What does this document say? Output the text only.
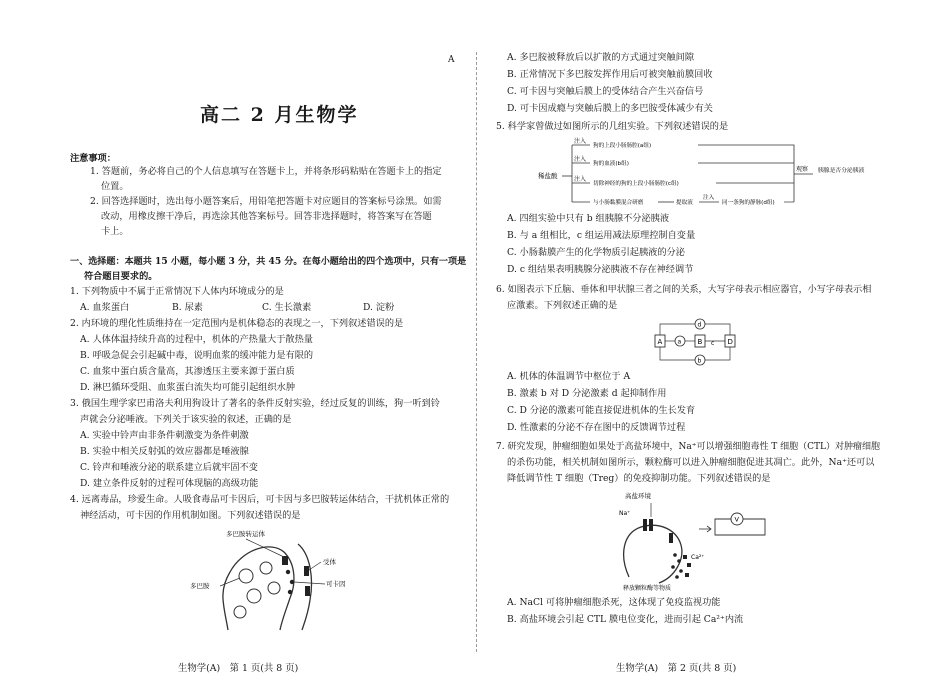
A
高二 2 月生物学
注意事项：
1. 答题前，务必将自己的个人信息填写在答题卡上，并将条形码粘贴在答题卡上的指定
位置。
2. 回答选择题时，选出每小题答案后，用铅笔把答题卡对应题目的答案标号涂黑。如需
改动，用橡皮擦干净后，再选涂其他答案标号。回答非选择题时，将答案写在答题
卡上。
一、选择题：本题共 15 小题，每小题 3 分，共 45 分。在每小题给出的四个选项中，只有一项是
符合题目要求的。
1. 下列物质中不属于正常情况下人体内环境成分的是
A. 血浆蛋白	B. 尿素	C. 生长激素	D. 淀粉
2. 内环境的理化性质维持在一定范围内是机体稳态的表现之一，下列叙述错误的是
A. 人体体温持续升高的过程中，机体的产热量大于散热量
B. 呼吸急促会引起碱中毒，说明血浆的缓冲能力是有限的
C. 血浆中蛋白质含量高，其渗透压主要来源于蛋白质
D. 淋巴循环受阻、血浆蛋白流失均可能引起组织水肿
3. 俄国生理学家巴甫洛夫利用狗设计了著名的条件反射实验，经过反复的训练，狗一听到铃
声就会分泌唾液。下列关于该实验的叙述，正确的是
A. 实验中铃声由非条件刺激变为条件刺激
B. 实验中相关反射弧的效应器都是唾液腺
C. 铃声和唾液分泌的联系建立后就牢固不变
D. 建立条件反射的过程可体现脑的高级功能
4. 远离毒品，珍爱生命。人吸食毒品可卡因后，可卡因与多巴胺转运体结合，干扰机体正常的
神经活动，可卡因的作用机制如图。下列叙述错误的是
多巴胺转运体
受体
多巴胺	可卡因
生物学(A)　第 1 页(共 8 页)
A. 多巴胺被释放后以扩散的方式通过突触间隙
B. 正常情况下多巴胺发挥作用后可被突触前膜回收
C. 可卡因与突触后膜上的受体结合产生兴奋信号
D. 可卡因成瘾与突触后膜上的多巴胺受体减少有关
5. 科学家曾做过如图所示的几组实验。下列叙述错误的是
稀盐酸
注入
注入
注入
狗的上段小肠肠腔(a组)
狗的血液(b组)
切除神经的狗的上段小肠肠腔(c组)
与小肠黏膜混合研磨	提取液
注入
同一条狗的静脉(d组)
观察 胰腺是否分泌胰液
A. 四组实验中只有 b 组胰腺不分泌胰液
B. 与 a 组相比，c 组运用减法原理控制自变量
C. 小肠黏膜产生的化学物质引起胰液的分泌
D. c 组结果表明胰腺分泌胰液不存在神经调节
6. 如图表示下丘脑、垂体和甲状腺三者之间的关系，大写字母表示相应器官，小写字母表示相
应激素。下列叙述正确的是
A	B	D
a
d
b
c
A. 机体的体温调节中枢位于 A
B. 激素 b 对 D 分泌激素 d 起抑制作用
C. D 分泌的激素可能直接促进机体的生长发育
D. 性激素的分泌不存在图中的反馈调节过程
7. 研究发现，肿瘤细胞如果处于高盐环境中，Na⁺可以增强细胞毒性 T 细胞（CTL）对肿瘤细胞
的杀伤功能，相关机制如图所示，颗粒酶可以进入肿瘤细胞促进其凋亡。此外，Na⁺还可以
降低调节性 T 细胞（Treg）的免疫抑制功能。下列叙述错误的是
高盐环境
Na⁺
Ca²⁺
释放颗粒酶等物质
V
A. NaCl 可将肿瘤细胞杀死，这体现了免疫监视功能
B. 高盐环境会引起 CTL 膜电位变化，进而引起 Ca²⁺内流
生物学(A)　第 2 页(共 8 页)
